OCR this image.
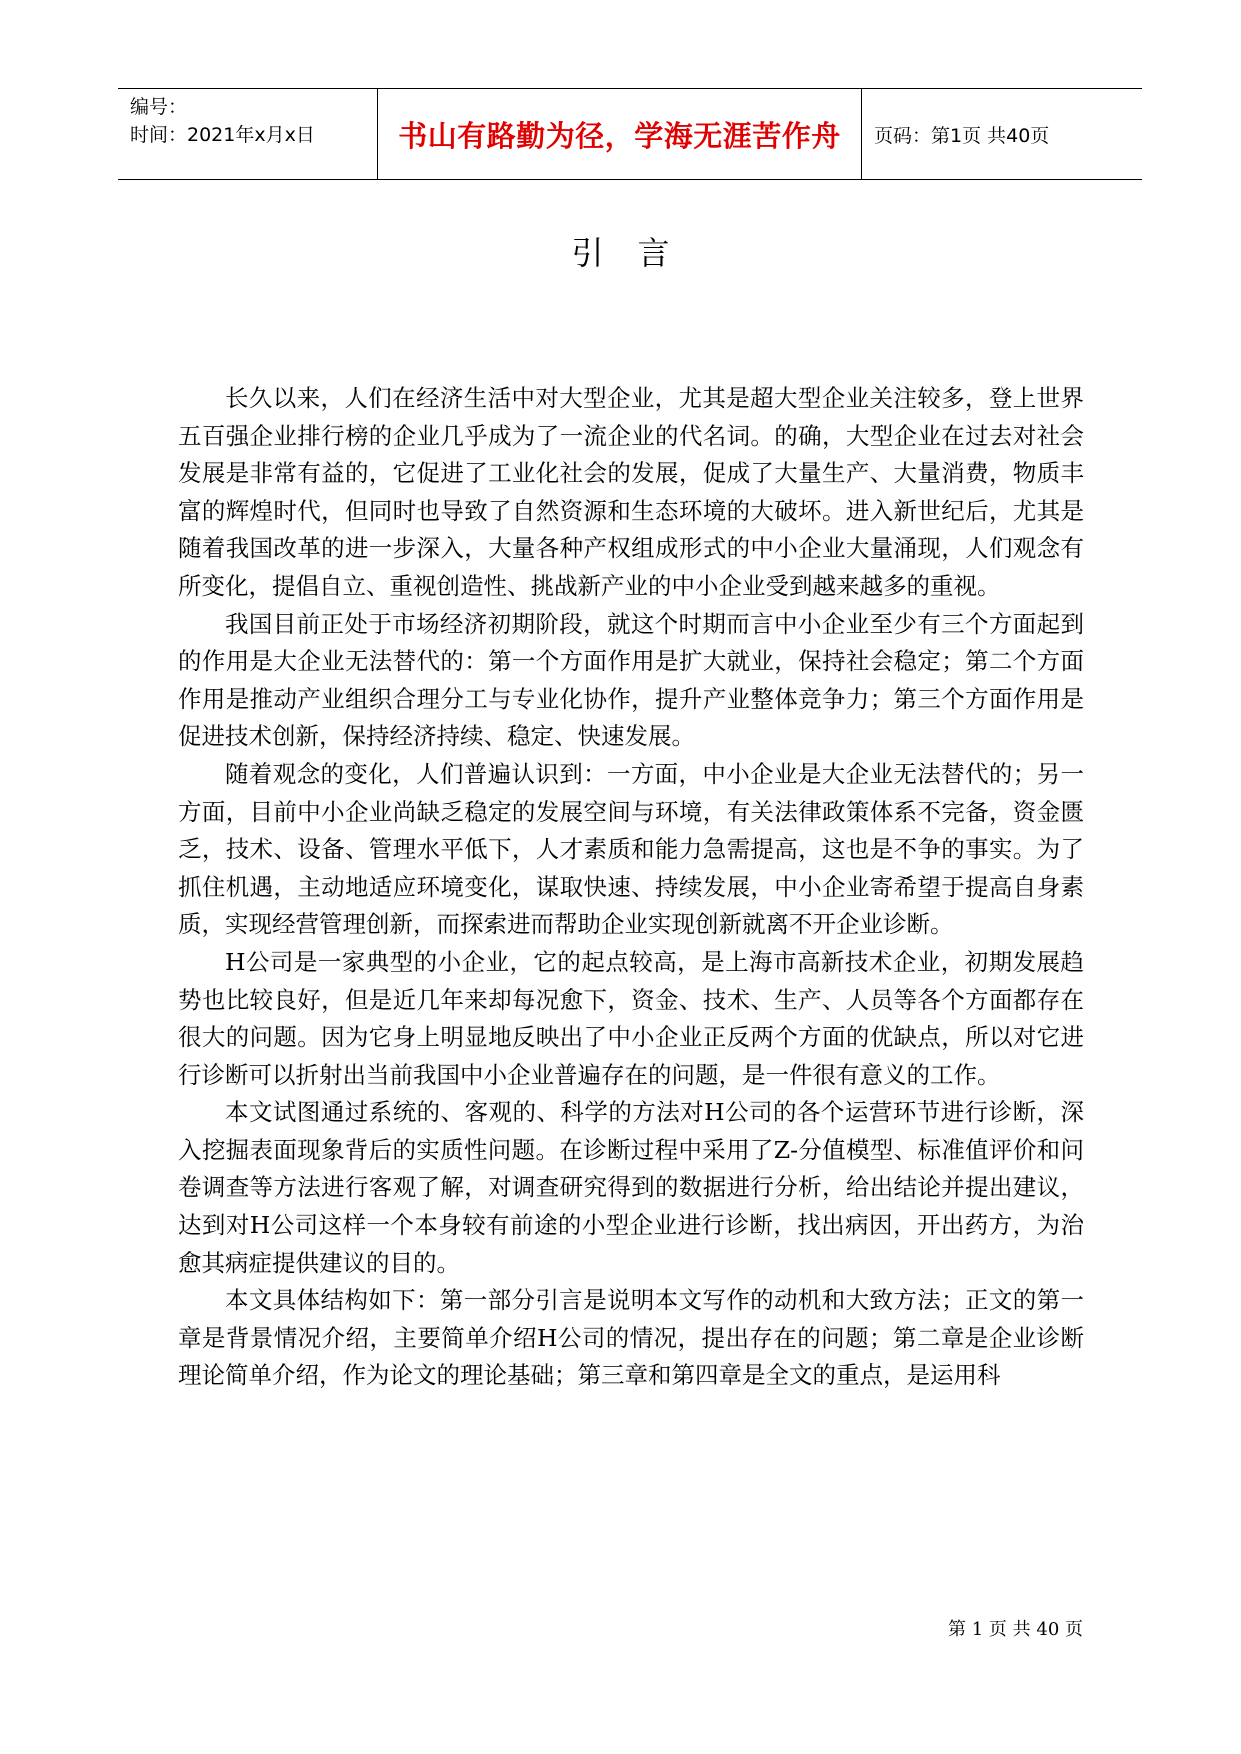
编号：
时间：2021年x月x日	书山有路勤为径，学海无涯苦作舟 页码：第1页 共40页
引言

长久以来，人们在经济生活中对大型企业，尤其是超大型企业关注较多，登上世界五百强企业排行榜的企业几乎成为了一流企业的代名词。的确，大型企业在过去对社会发展是非常有益的，它促进了工业化社会的发展，促成了大量生产、大量消费，物质丰富的辉煌时代，但同时也导致了自然资源和生态环境的大破坏。进入新世纪后，尤其是随着我国改革的进一步深入，大量各种产权组成形式的中小企业大量涌现，人们观念有所变化，提倡自立、重视创造性、挑战新产业的中小企业受到越来越多的重视。

我国目前正处于市场经济初期阶段，就这个时期而言中小企业至少有三个方面起到的作用是大企业无法替代的：第一个方面作用是扩大就业，保持社会稳定；第二个方面作用是推动产业组织合理分工与专业化协作，提升产业整体竞争力；第三个方面作用是促进技术创新，保持经济持续、稳定、快速发展。

随着观念的变化，人们普遍认识到：一方面，中小企业是大企业无法替代的；另一方面，目前中小企业尚缺乏稳定的发展空间与环境，有关法律政策体系不完备，资金匮乏，技术、设备、管理水平低下，人才素质和能力急需提高，这也是不争的事实。为了抓住机遇，主动地适应环境变化，谋取快速、持续发展，中小企业寄希望于提高自身素质，实现经营管理创新，而探索进而帮助企业实现创新就离不开企业诊断。

H公司是一家典型的小企业，它的起点较高，是上海市高新技术企业，初期发展趋势也比较良好，但是近几年来却每况愈下，资金、技术、生产、人员等各个方面都存在很大的问题。因为它身上明显地反映出了中小企业正反两个方面的优缺点，所以对它进行诊断可以折射出当前我国中小企业普遍存在的问题，是一件很有意义的工作。

本文试图通过系统的、客观的、科学的方法对H公司的各个运营环节进行诊断，深入挖掘表面现象背后的实质性问题。在诊断过程中采用了Z-分值模型、标准值评价和问卷调查等方法进行客观了解，对调查研究得到的数据进行分析，给出结论并提出建议，达到对H公司这样一个本身较有前途的小型企业进行诊断，找出病因，开出药方，为治愈其病症提供建议的目的。

本文具体结构如下：第一部分引言是说明本文写作的动机和大致方法；正文的第一章是背景情况介绍，主要简单介绍H公司的情况，提出存在的问题；第二章是企业诊断理论简单介绍，作为论文的理论基础；第三章和第四章是全文的重点，是运用科

第 1 页 共 40 页
